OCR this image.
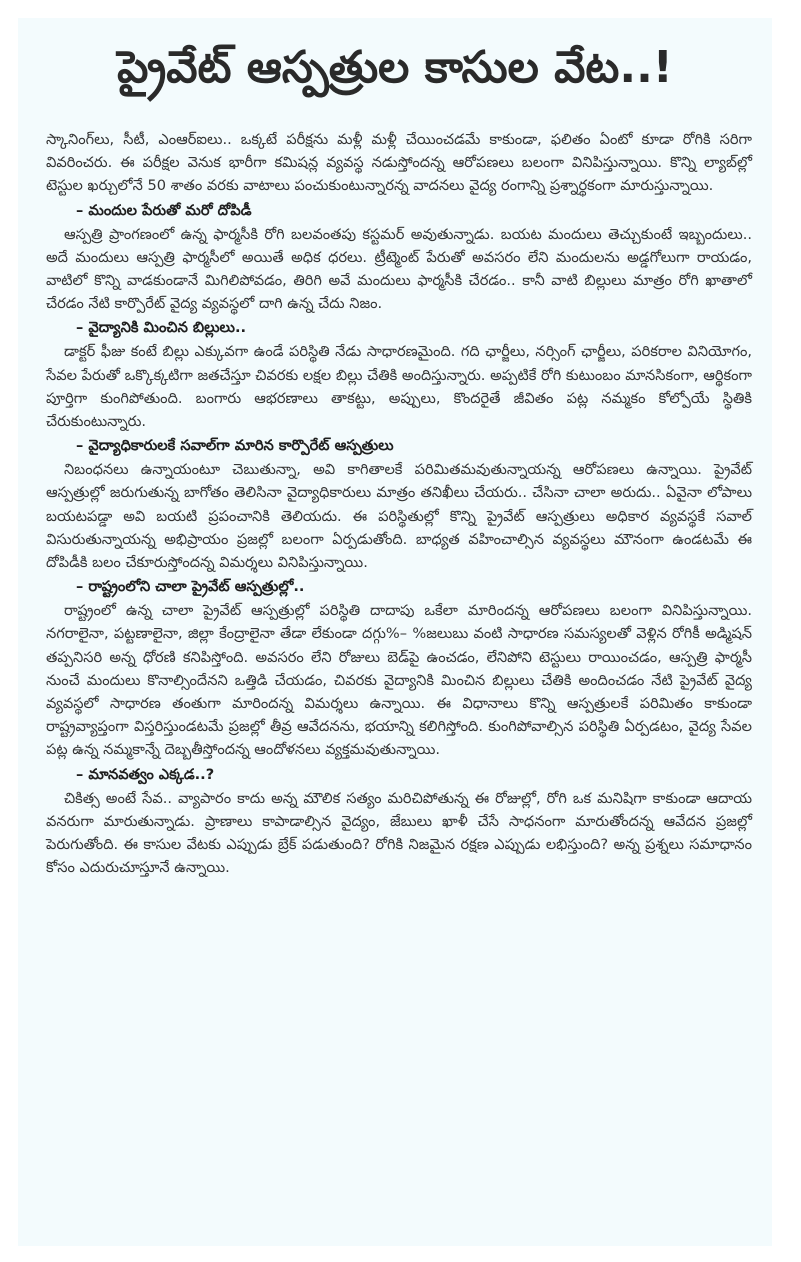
ప్రైవేట్ ఆస్పత్రుల కాసుల వేట..!

స్కానింగ్‌లు, సీటీ, ఎంఆర్‌ఐలు.. ఒక్కటే పరీక్షను మళ్లీ మళ్లీ చేయించడమే కాకుండా, ఫలితం ఏంటో కూడా రోగికి సరిగా వివరించరు. ఈ పరీక్షల వెనుక భారీగా కమిషన్ల వ్యవస్థ నడుస్తోందన్న ఆరోపణలు బలంగా వినిపిస్తున్నాయి. కొన్ని ల్యాబ్‌ల్లో టెస్టుల ఖర్చులోనే 50 శాతం వరకు వాటాలు పంచుకుంటున్నారన్న వాదనలు వైద్య రంగాన్ని ప్రశ్నార్థకంగా మారుస్తున్నాయి.

– మందుల పేరుతో మరో దోపిడీ

ఆస్పత్రి ప్రాంగణంలో ఉన్న ఫార్మసీకి రోగి బలవంతపు కస్టమర్ అవుతున్నాడు. బయట మందులు తెచ్చుకుంటే ఇబ్బందులు.. అదే మందులు ఆస్పత్రి ఫార్మసీలో అయితే అధిక ధరలు. ట్రీట్మెంట్ పేరుతో అవసరం లేని మందులను అడ్డగోలుగా రాయడం, వాటిలో కొన్ని వాడకుండానే మిగిలిపోవడం, తిరిగి అవే మందులు ఫార్మసీకి చేరడం.. కానీ వాటి బిల్లులు మాత్రం రోగి ఖాతాలో చేరడం నేటి కార్పొరేట్ వైద్య వ్యవస్థలో దాగి ఉన్న చేదు నిజం.

– వైద్యానికి మించిన బిల్లులు..

డాక్టర్ ఫీజు కంటే బిల్లు ఎక్కువగా ఉండే పరిస్థితి నేడు సాధారణమైంది. గది ఛార్జీలు, నర్సింగ్ ఛార్జీలు, పరికరాల వినియోగం, సేవల పేరుతో ఒక్కొక్కటిగా జతచేస్తూ చివరకు లక్షల బిల్లు చేతికి అందిస్తున్నారు. అప్పటికే రోగి కుటుంబం మానసికంగా, ఆర్థికంగా పూర్తిగా కుంగిపోతుంది. బంగారు ఆభరణాలు తాకట్టు, అప్పులు, కొందరైతే జీవితం పట్ల నమ్మకం కోల్పోయే స్థితికి చేరుకుంటున్నారు.

– వైద్యాధికారులకే సవాల్‌గా మారిన కార్పొరేట్ ఆస్పత్రులు

నిబంధనలు ఉన్నాయంటూ చెబుతున్నా, అవి కాగితాలకే పరిమితమవుతున్నాయన్న ఆరోపణలు ఉన్నాయి. ప్రైవేట్ ఆస్పత్రుల్లో జరుగుతున్న బాగోతం తెలిసినా వైద్యాధికారులు మాత్రం తనిఖీలు చేయరు.. చేసినా చాలా అరుదు.. ఏవైనా లోపాలు బయటపడ్డా అవి బయటి ప్రపంచానికి తెలియదు. ఈ పరిస్థితుల్లో కొన్ని ప్రైవేట్ ఆస్పత్రులు అధికార వ్యవస్థకే సవాల్ విసురుతున్నాయన్న అభిప్రాయం ప్రజల్లో బలంగా ఏర్పడుతోంది. బాధ్యత వహించాల్సిన వ్యవస్థలు మౌనంగా ఉండటమే ఈ దోపిడీకి బలం చేకూరుస్తోందన్న విమర్శలు వినిపిస్తున్నాయి.

– రాష్ట్రంలోని చాలా ప్రైవేట్ ఆస్పత్రుల్లో..

రాష్ట్రంలో ఉన్న చాలా ప్రైవేట్ ఆస్పత్రుల్లో పరిస్థితి దాదాపు ఒకేలా మారిందన్న ఆరోపణలు బలంగా వినిపిస్తున్నాయి. నగరాలైనా, పట్టణాలైనా, జిల్లా కేంద్రాలైనా తేడా లేకుండా దగ్గు%– %జలుబు వంటి సాధారణ సమస్యలతో వెళ్లిన రోగికీ అడ్మిషన్ తప్పనిసరి అన్న ధోరణి కనిపిస్తోంది. అవసరం లేని రోజులు బెడ్‌పై ఉంచడం, లేనిపోని టెస్టులు రాయించడం, ఆస్పత్రి ఫార్మసీ నుంచే మందులు కొనాల్సిందేనని ఒత్తిడి చేయడం, చివరకు వైద్యానికి మించిన బిల్లులు చేతికి అందించడం నేటి ప్రైవేట్ వైద్య వ్యవస్థలో సాధారణ తంతుగా మారిందన్న విమర్శలు ఉన్నాయి. ఈ విధానాలు కొన్ని ఆస్పత్రులకే పరిమితం కాకుండా రాష్ట్రవ్యాప్తంగా విస్తరిస్తుండటమే ప్రజల్లో తీవ్ర ఆవేదనను, భయాన్ని కలిగిస్తోంది. కుంగిపోవాల్సిన పరిస్థితి ఏర్పడటం, వైద్య సేవల పట్ల ఉన్న నమ్మకాన్నే దెబ్బతీస్తోందన్న ఆందోళనలు వ్యక్తమవుతున్నాయి.

– మానవత్వం ఎక్కడ..?

చికిత్స అంటే సేవ.. వ్యాపారం కాదు అన్న మౌలిక సత్యం మరిచిపోతున్న ఈ రోజుల్లో, రోగి ఒక మనిషిగా కాకుండా ఆదాయ వనరుగా మారుతున్నాడు. ప్రాణాలు కాపాడాల్సిన వైద్యం, జేబులు ఖాళీ చేసే సాధనంగా మారుతోందన్న ఆవేదన ప్రజల్లో పెరుగుతోంది. ఈ కాసుల వేటకు ఎప్పుడు బ్రేక్ పడుతుంది? రోగికి నిజమైన రక్షణ ఎప్పుడు లభిస్తుంది? అన్న ప్రశ్నలు సమాధానం కోసం ఎదురుచూస్తూనే ఉన్నాయి.
